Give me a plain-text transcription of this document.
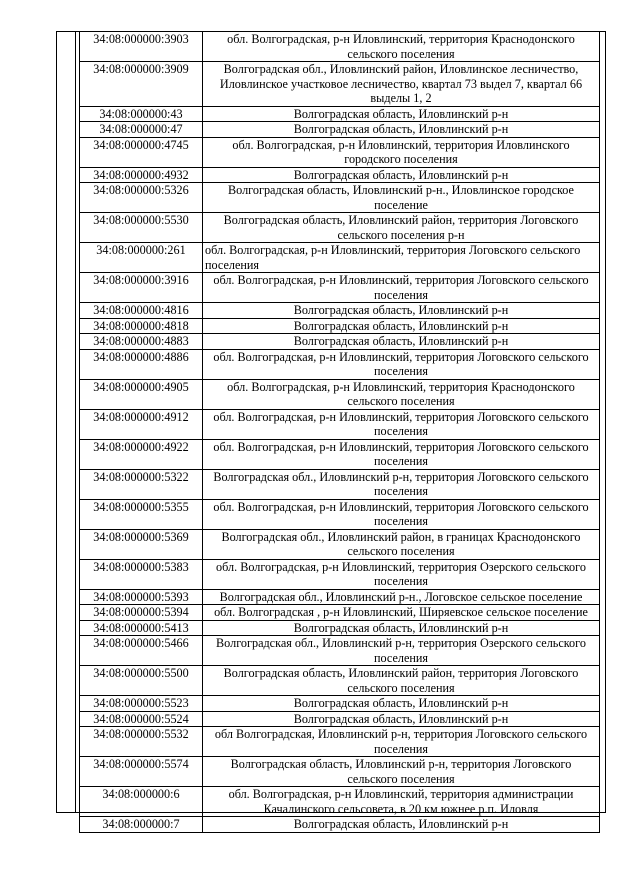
34:08:000000:3903	обл. Волгоградская, р-н Иловлинский, территория Краснодонского сельского поселения
34:08:000000:3909	Волгоградская обл., Иловлинский район, Иловлинское лесничество, Иловлинское участковое лесничество, квартал 73 выдел 7, квартал 66 выделы 1, 2
34:08:000000:43	Волгоградская область, Иловлинский р-н
34:08:000000:47	Волгоградская область, Иловлинский р-н
34:08:000000:4745	обл. Волгоградская, р-н Иловлинский, территория Иловлинского городского поселения
34:08:000000:4932	Волгоградская область, Иловлинский р-н
34:08:000000:5326	Волгоградская область, Иловлинский р-н., Иловлинское городское поселение
34:08:000000:5530	Волгоградская область, Иловлинский район, территория Логовского сельского поселения р-н
34:08:000000:261	обл. Волгоградская, р-н Иловлинский, территория Логовского сельского поселения
34:08:000000:3916	обл. Волгоградская, р-н Иловлинский, территория Логовского сельского поселения
34:08:000000:4816	Волгоградская область, Иловлинский р-н
34:08:000000:4818	Волгоградская область, Иловлинский р-н
34:08:000000:4883	Волгоградская область, Иловлинский р-н
34:08:000000:4886	обл. Волгоградская, р-н Иловлинский, территория Логовского сельского поселения
34:08:000000:4905	обл. Волгоградская, р-н Иловлинский, территория Краснодонского сельского поселения
34:08:000000:4912	обл. Волгоградская, р-н Иловлинский, территория Логовского сельского поселения
34:08:000000:4922	обл. Волгоградская, р-н Иловлинский, территория Логовского сельского поселения
34:08:000000:5322	Волгоградская обл., Иловлинский р-н, территория Логовского сельского поселения
34:08:000000:5355	обл. Волгоградская, р-н Иловлинский, территория Логовского сельского поселения
34:08:000000:5369	Волгоградская обл., Иловлинский район, в границах Краснодонского сельского поселения
34:08:000000:5383	обл. Волгоградская, р-н Иловлинский, территория Озерского сельского поселения
34:08:000000:5393	Волгоградская обл., Иловлинский р-н., Логовское сельское поселение
34:08:000000:5394	обл. Волгоградская , р-н Иловлинский, Ширяевское сельское поселение
34:08:000000:5413	Волгоградская область, Иловлинский р-н
34:08:000000:5466	Волгоградская обл., Иловлинский р-н, территория Озерского сельского поселения
34:08:000000:5500	Волгоградская область, Иловлинский район, территория Логовского сельского поселения
34:08:000000:5523	Волгоградская область, Иловлинский р-н
34:08:000000:5524	Волгоградская область, Иловлинский р-н
34:08:000000:5532	обл Волгоградская, Иловлинский р-н, территория Логовского сельского поселения
34:08:000000:5574	Волгоградская область, Иловлинский р-н, территория Логовского сельского поселения
34:08:000000:6	обл. Волгоградская, р-н Иловлинский, территория администрации Качалинского сельсовета, в 20 км южнее р.п. Иловля
34:08:000000:7	Волгоградская область, Иловлинский р-н
